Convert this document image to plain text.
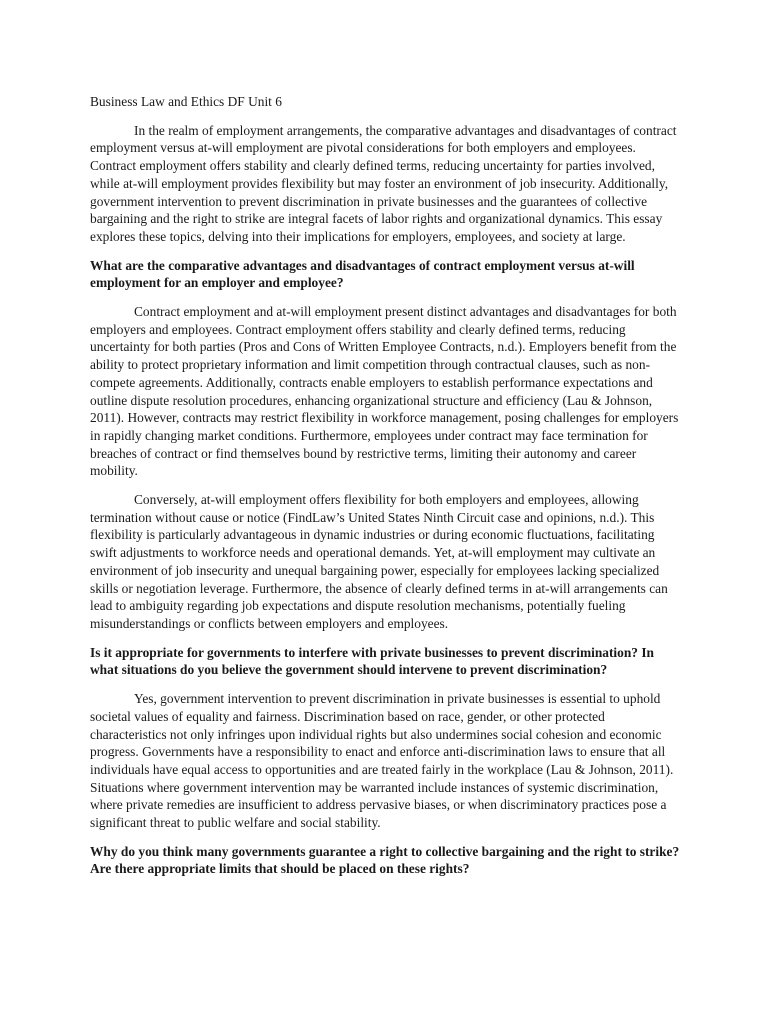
Business Law and Ethics DF Unit 6

In the realm of employment arrangements, the comparative advantages and disadvantages of contract employment versus at-will employment are pivotal considerations for both employers and employees. Contract employment offers stability and clearly defined terms, reducing uncertainty for parties involved, while at-will employment provides flexibility but may foster an environment of job insecurity. Additionally, government intervention to prevent discrimination in private businesses and the guarantees of collective bargaining and the right to strike are integral facets of labor rights and organizational dynamics. This essay explores these topics, delving into their implications for employers, employees, and society at large.

What are the comparative advantages and disadvantages of contract employment versus at-will employment for an employer and employee?

Contract employment and at-will employment present distinct advantages and disadvantages for both employers and employees. Contract employment offers stability and clearly defined terms, reducing uncertainty for both parties (Pros and Cons of Written Employee Contracts, n.d.). Employers benefit from the ability to protect proprietary information and limit competition through contractual clauses, such as non-compete agreements. Additionally, contracts enable employers to establish performance expectations and outline dispute resolution procedures, enhancing organizational structure and efficiency (Lau & Johnson, 2011). However, contracts may restrict flexibility in workforce management, posing challenges for employers in rapidly changing market conditions. Furthermore, employees under contract may face termination for breaches of contract or find themselves bound by restrictive terms, limiting their autonomy and career mobility.

Conversely, at-will employment offers flexibility for both employers and employees, allowing termination without cause or notice (FindLaw’s United States Ninth Circuit case and opinions, n.d.). This flexibility is particularly advantageous in dynamic industries or during economic fluctuations, facilitating swift adjustments to workforce needs and operational demands. Yet, at-will employment may cultivate an environment of job insecurity and unequal bargaining power, especially for employees lacking specialized skills or negotiation leverage. Furthermore, the absence of clearly defined terms in at-will arrangements can lead to ambiguity regarding job expectations and dispute resolution mechanisms, potentially fueling misunderstandings or conflicts between employers and employees.

Is it appropriate for governments to interfere with private businesses to prevent discrimination? In what situations do you believe the government should intervene to prevent discrimination?

Yes, government intervention to prevent discrimination in private businesses is essential to uphold societal values of equality and fairness. Discrimination based on race, gender, or other protected characteristics not only infringes upon individual rights but also undermines social cohesion and economic progress. Governments have a responsibility to enact and enforce anti-discrimination laws to ensure that all individuals have equal access to opportunities and are treated fairly in the workplace (Lau & Johnson, 2011). Situations where government intervention may be warranted include instances of systemic discrimination, where private remedies are insufficient to address pervasive biases, or when discriminatory practices pose a significant threat to public welfare and social stability.

Why do you think many governments guarantee a right to collective bargaining and the right to strike? Are there appropriate limits that should be placed on these rights?
